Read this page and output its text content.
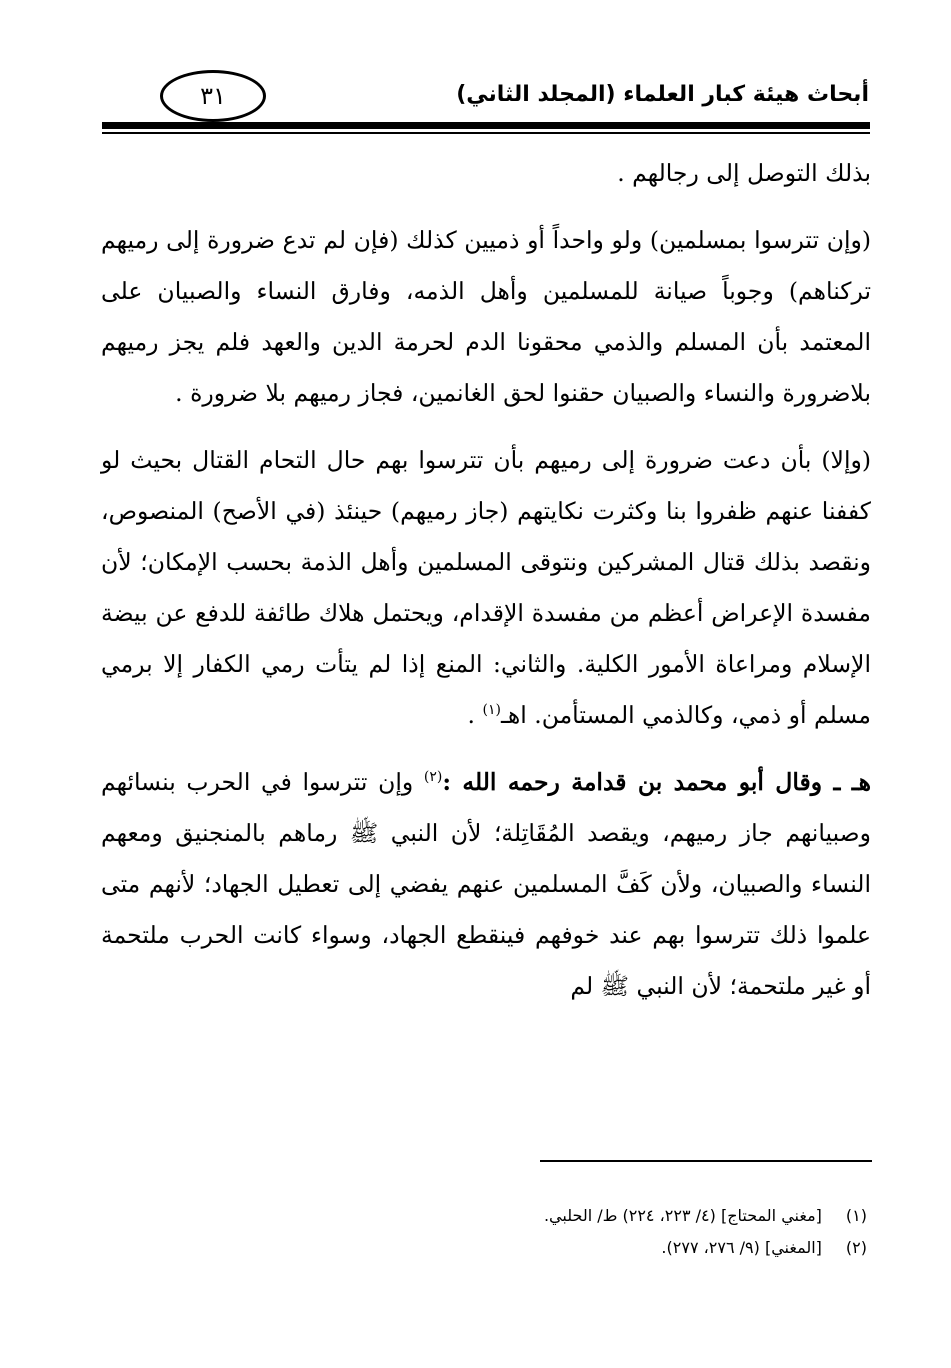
أبحاث هيئة كبار العلماء (المجلد الثاني)
٣١

بذلك التوصل إلى رجالهم .

(وإن تترسوا بمسلمين) ولو واحداً أو ذميين كذلك (فإن لم تدع ضرورة إلى رميهم تركناهم) وجوباً صيانة للمسلمين وأهل الذمه، وفارق النساء والصبيان على المعتمد بأن المسلم والذمي محقونا الدم لحرمة الدين والعهد فلم يجز رميهم بلاضرورة والنساء والصبيان حقنوا لحق الغانمين، فجاز رميهم بلا ضرورة .

(وإلا) بأن دعت ضرورة إلى رميهم بأن تترسوا بهم حال التحام القتال بحيث لو كففنا عنهم ظفروا بنا وكثرت نكايتهم (جاز رميهم) حينئذ (في الأصح) المنصوص، ونقصد بذلك قتال المشركين ونتوقى المسلمين وأهل الذمة بحسب الإمكان؛ لأن مفسدة الإعراض أعظم من مفسدة الإقدام، ويحتمل هلاك طائفة للدفع عن بيضة الإسلام ومراعاة الأمور الكلية. والثاني: المنع إذا لم يتأت رمي الكفار إلا برمي مسلم أو ذمي، وكالذمي المستأمن. اهـ$^{(١)}$ .

هـ ـ وقال أبو محمد بن قدامة رحمه الله :$^{(٢)}$ وإن تترسوا في الحرب بنسائهم وصبيانهم جاز رميهم، ويقصد المُقَاتِلة؛ لأن النبي ﷺ رماهم بالمنجنيق ومعهم النساء والصبيان، ولأن كَفَّ المسلمين عنهم يفضي إلى تعطيل الجهاد؛ لأنهم متى علموا ذلك تترسوا بهم عند خوفهم فينقطع الجهاد، وسواء كانت الحرب ملتحمة أو غير ملتحمة؛ لأن النبي ﷺ لم

(١)
[مغني المحتاج] (٤/ ٢٢٣، ٢٢٤) ط/ الحلبي.
(٢)
[المغني] (٩/ ٢٧٦، ٢٧٧).
